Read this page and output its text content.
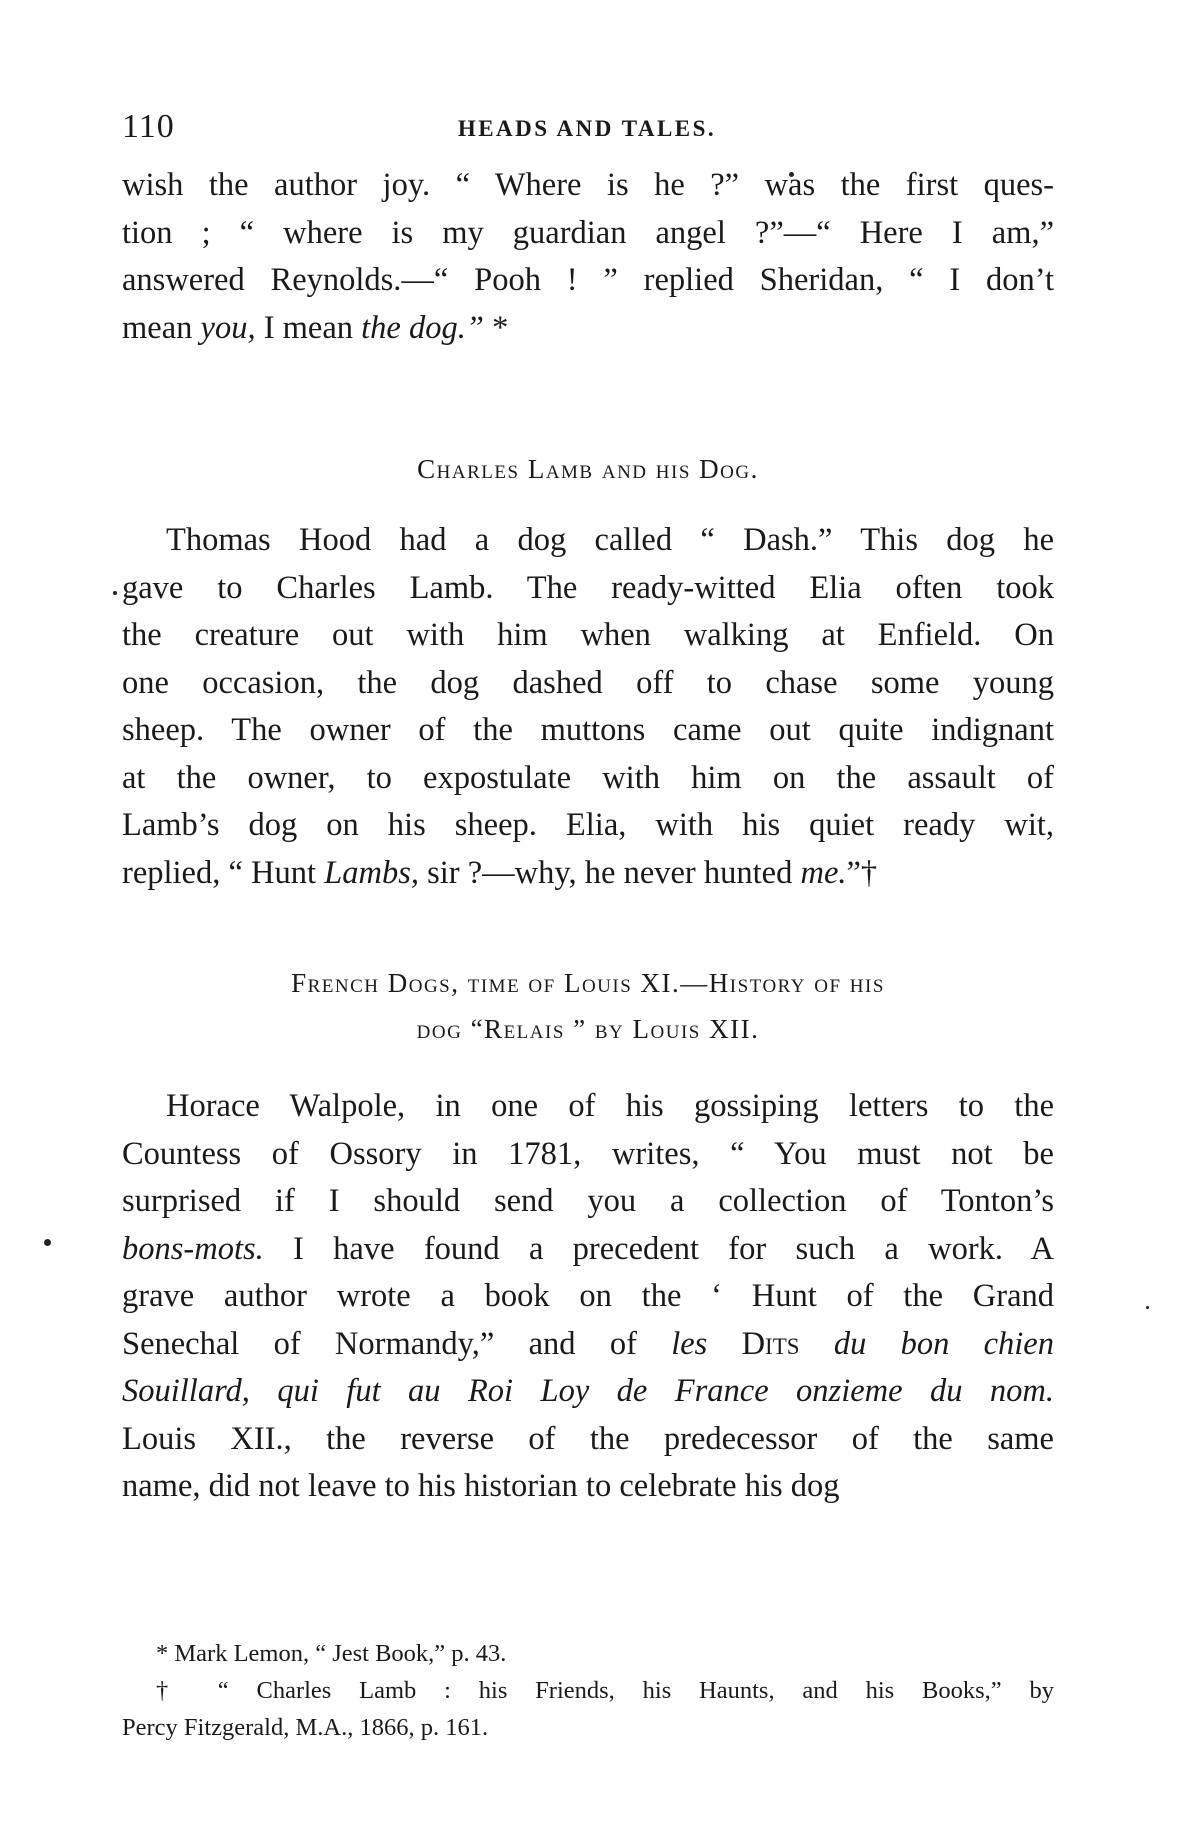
110	HEADS AND TALES.
wish the author joy. “ Where is he ?” was the first ques-
tion ; “ where is my guardian angel ?”—“ Here I am,”
answered Reynolds.—“ Pooh ! ” replied Sheridan, “ I don’t
mean you, I mean the dog.” *
Charles Lamb and his Dog.
Thomas Hood had a dog called “ Dash.” This dog he
gave to Charles Lamb. The ready-witted Elia often took
the creature out with him when walking at Enfield. On
one occasion, the dog dashed off to chase some young
sheep. The owner of the muttons came out quite indignant
at the owner, to expostulate with him on the assault of
Lamb’s dog on his sheep. Elia, with his quiet ready wit,
replied, “ Hunt Lambs, sir ?—why, he never hunted me.”†
French Dogs, time of Louis XI.—History of his
dog “Relais ” by Louis XII.
Horace Walpole, in one of his gossiping letters to the
Countess of Ossory in 1781, writes, “ You must not be
surprised if I should send you a collection of Tonton’s
bons-mots. I have found a precedent for such a work. A
grave author wrote a book on the ‘ Hunt of the Grand
Senechal of Normandy,” and of les Dits du bon chien
Souillard, qui fut au Roi Loy de France onzieme du nom.
Louis XII., the reverse of the predecessor of the same
name, did not leave to his historian to celebrate his dog
* Mark Lemon, “ Jest Book,” p. 43.
† “ Charles Lamb : his Friends, his Haunts, and his Books,” by
Percy Fitzgerald, M.A., 1866, p. 161.
